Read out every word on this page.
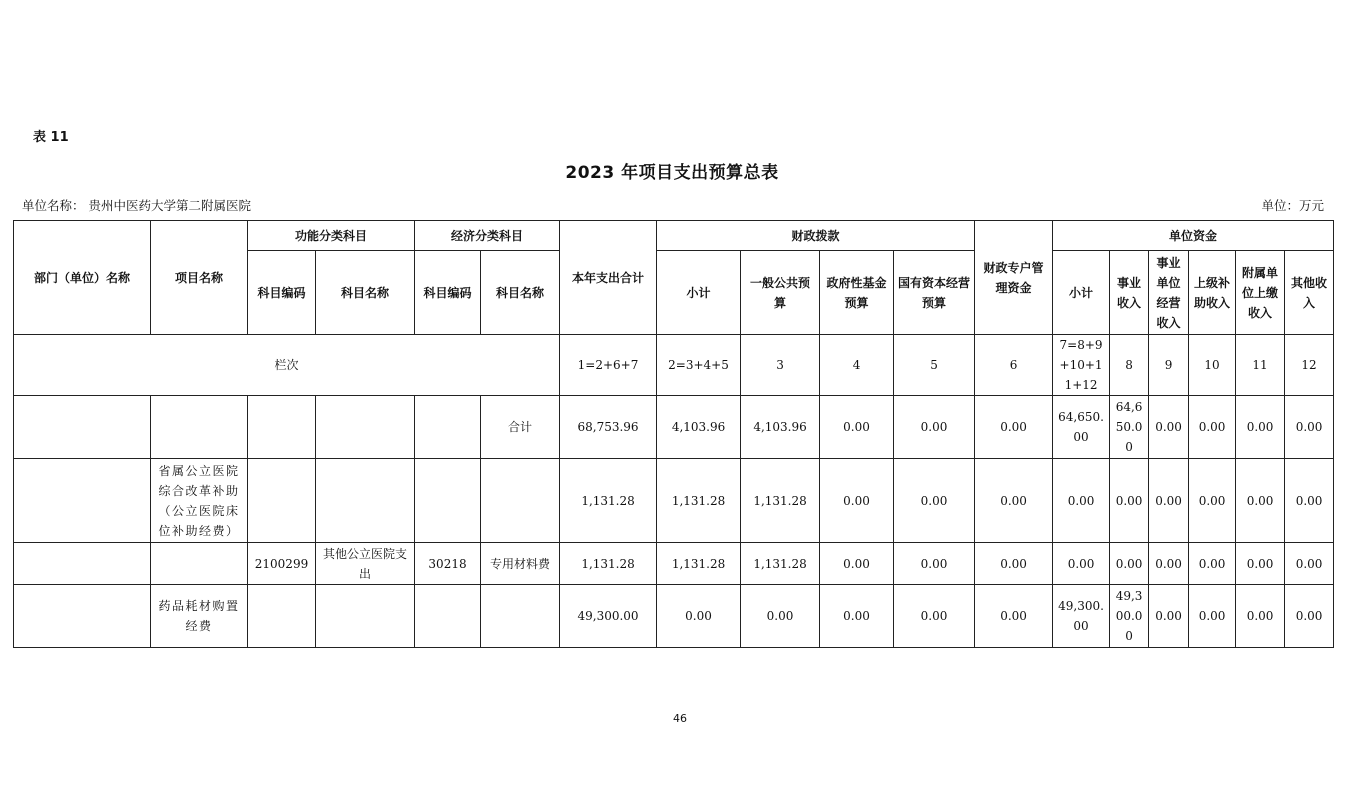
表 11
2023 年项目支出预算总表
单位名称： 贵州中医药大学第二附属医院	单位：万元
部门（单位）名称	项目名称	功能分类科目		经济分类科目		本年支出合计	财政拨款				财政专户管理资金	单位资金					
		科目编码	科目名称	科目编码	科目名称		小计	一般公共预算	政府性基金预算	国有资本经营预算		小计	事业收入	事业单位经营收入	上级补助收入	附属单位上缴收入	其他收入
栏次						1=2+6+7	2=3+4+5	3	4	5	6	7=8+9+10+11+12	8	9	10	11	12
					合计	68,753.96	4,103.96	4,103.96	0.00	0.00	0.00	64,650.00	64,650.00	0.00	0.00	0.00	0.00
	省属公立医院综合改革补助（公立医院床位补助经费）					1,131.28	1,131.28	1,131.28	0.00	0.00	0.00	0.00	0.00	0.00	0.00	0.00	0.00
		2100299	其他公立医院支出	30218	专用材料费	1,131.28	1,131.28	1,131.28	0.00	0.00	0.00	0.00	0.00	0.00	0.00	0.00	0.00
	药品耗材购置经费					49,300.00	0.00	0.00	0.00	0.00	0.00	49,300.00	49,300.00	0.00	0.00	0.00	0.00
46
